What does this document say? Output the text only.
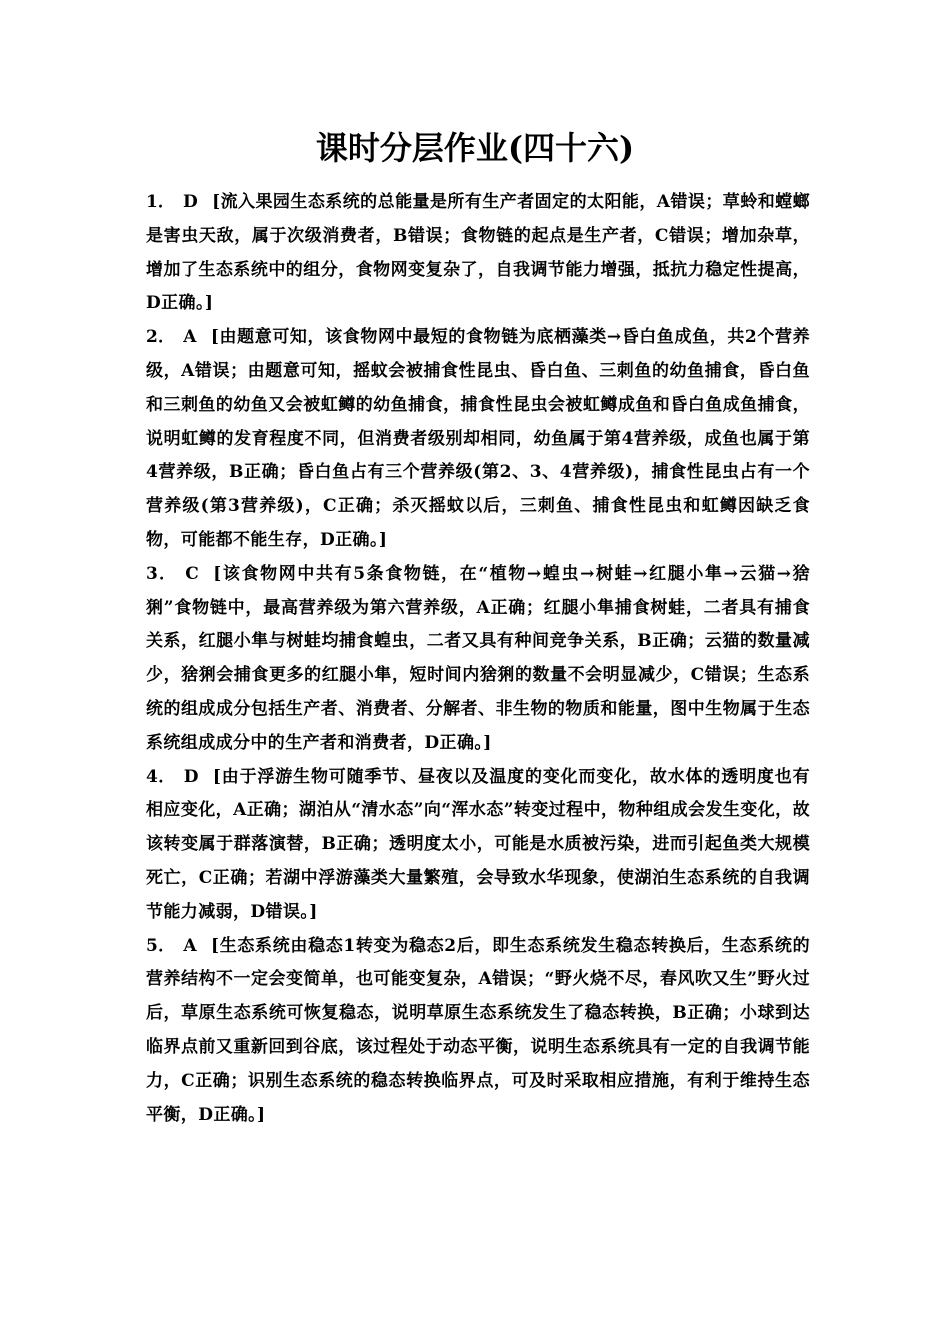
课时分层作业(四十六)

1． D [流入果园生态系统的总能量是所有生产者固定的太阳能，A错误；草蛉和螳螂是害虫天敌，属于次级消费者，B错误；食物链的起点是生产者，C错误；增加杂草，增加了生态系统中的组分，食物网变复杂了，自我调节能力增强，抵抗力稳定性提高，D正确。]

2． A [由题意可知，该食物网中最短的食物链为底栖藻类→昏白鱼成鱼，共2个营养级，A错误；由题意可知，摇蚊会被捕食性昆虫、昏白鱼、三刺鱼的幼鱼捕食，昏白鱼和三刺鱼的幼鱼又会被虹鳟的幼鱼捕食，捕食性昆虫会被虹鳟成鱼和昏白鱼成鱼捕食，说明虹鳟的发育程度不同，但消费者级别却相同，幼鱼属于第4营养级，成鱼也属于第4营养级，B正确；昏白鱼占有三个营养级(第2、3、4营养级)，捕食性昆虫占有一个营养级(第3营养级)，C正确；杀灭摇蚊以后，三刺鱼、捕食性昆虫和虹鳟因缺乏食物，可能都不能生存，D正确。]

3． C [该食物网中共有5条食物链，在“植物→蝗虫→树蛙→红腿小隼→云猫→猞猁”食物链中，最高营养级为第六营养级，A正确；红腿小隼捕食树蛙，二者具有捕食关系，红腿小隼与树蛙均捕食蝗虫，二者又具有种间竞争关系，B正确；云猫的数量减少，猞猁会捕食更多的红腿小隼，短时间内猞猁的数量不会明显减少，C错误；生态系统的组成成分包括生产者、消费者、分解者、非生物的物质和能量，图中生物属于生态系统组成成分中的生产者和消费者，D正确。]

4． D [由于浮游生物可随季节、昼夜以及温度的变化而变化，故水体的透明度也有相应变化，A正确；湖泊从“清水态”向“浑水态”转变过程中，物种组成会发生变化，故该转变属于群落演替，B正确；透明度太小，可能是水质被污染，进而引起鱼类大规模死亡，C正确；若湖中浮游藻类大量繁殖，会导致水华现象，使湖泊生态系统的自我调节能力减弱，D错误。]

5． A [生态系统由稳态1转变为稳态2后，即生态系统发生稳态转换后，生态系统的营养结构不一定会变简单，也可能变复杂，A错误；“野火烧不尽，春风吹又生”野火过后，草原生态系统可恢复稳态，说明草原生态系统发生了稳态转换，B正确；小球到达临界点前又重新回到谷底，该过程处于动态平衡，说明生态系统具有一定的自我调节能力，C正确；识别生态系统的稳态转换临界点，可及时采取相应措施，有利于维持生态平衡，D正确。]
